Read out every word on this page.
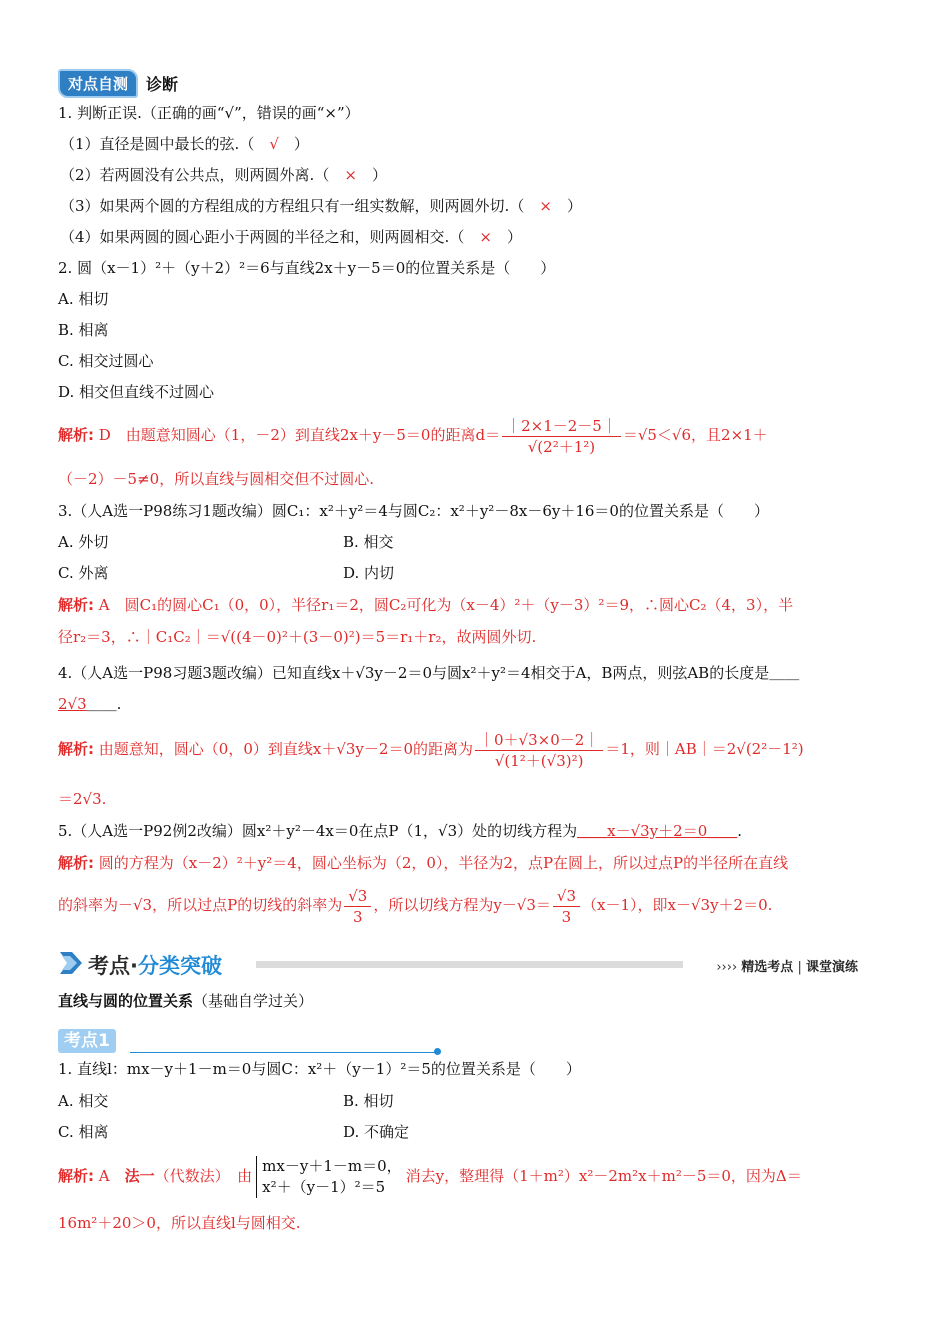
对点自测	诊断
1. 判断正误.（正确的画“√”，错误的画“×”）
（1）直径是圆中最长的弦.（　 √　 ）
（2）若两圆没有公共点，则两圆外离.（　 ×　 ）
（3）如果两个圆的方程组成的方程组只有一组实数解，则两圆外切.（　 ×　 ）
（4）如果两圆的圆心距小于两圆的半径之和，则两圆相交.（　 ×　 ）
2. 圆（x－1）²＋（y＋2）²＝6与直线2x＋y－5＝0的位置关系是（　　）
A. 相切
B. 相离
C. 相交过圆心
D. 相交但直线不过圆心
解析: D　由题意知圆心（1，－2）到直线2x＋y－5＝0的距离$d= \frac{|2\times 1-2-5|}{\text{√(2²＋1²)}} =√5<√6$，且2×1＋
（－2）－5≠0，所以直线与圆相交但不过圆心.
3.（人A选一P98练习1题改编）圆C₁：x²＋y²＝4与圆C₂：x²＋y²－8x－6y＋16＝0的位置关系是（　　）
A. 外切	B. 相交
C. 外离	D. 内切
解析: A　圆C₁的圆心C₁（0，0），半径r₁＝2，圆C₂可化为（x－4）²＋（y－3）²＝9，∴圆心C₂（4，3），半
径r₂＝3，∴｜C₁C₂｜＝√((4－0)²＋(3－0)²)＝5＝r₁＋r₂，故两圆外切.
4.（人A选一P98习题3题改编）已知直线x＋√3y－2＝0与圆x²＋y²＝4相交于A，B两点，则弦AB的长度是＿＿
2√3＿＿.
解析: 由题意知，圆心（0，0）到直线x＋√3y－2＝0的距离为 $\frac{|0+√3\times 0-2|}{\text{√(1²＋(√3)²)}} =1$，则｜AB｜＝2√(2²－1²)
＝2√3.
5.（人A选一P92例2改编）圆x²＋y²－4x＝0在点P（1，√3）处的切线方程为＿＿x－√3y＋2＝0＿＿.
解析: 圆的方程为（x－2）²＋y²＝4，圆心坐标为（2，0），半径为2，点P在圆上，所以过点P的半径所在直线
的斜率为－√3，所以过点P的切线的斜率为 $\frac{√3}{3}$ ，所以切线方程为$y-√3= \frac{√3}{3} (x-1)$，即x－√3y＋2＝0.
考点·分类突破	›››› 精选考点 | 课堂演练
直线与圆的位置关系（基础自学过关）
考点1
1. 直线l：mx－y＋1－m＝0与圆C：x²＋（y－1）²＝5的位置关系是（　　）
A. 相交	B. 相切
C. 相离	D. 不确定
解析: A　法一（代数法）　由
mx－y＋1－m＝0，
x²＋（y－1）²＝5
消去y，整理得（1＋m²）x²－2m²x＋m²－5＝0，因为Δ＝
16m²＋20＞0，所以直线l与圆相交.
